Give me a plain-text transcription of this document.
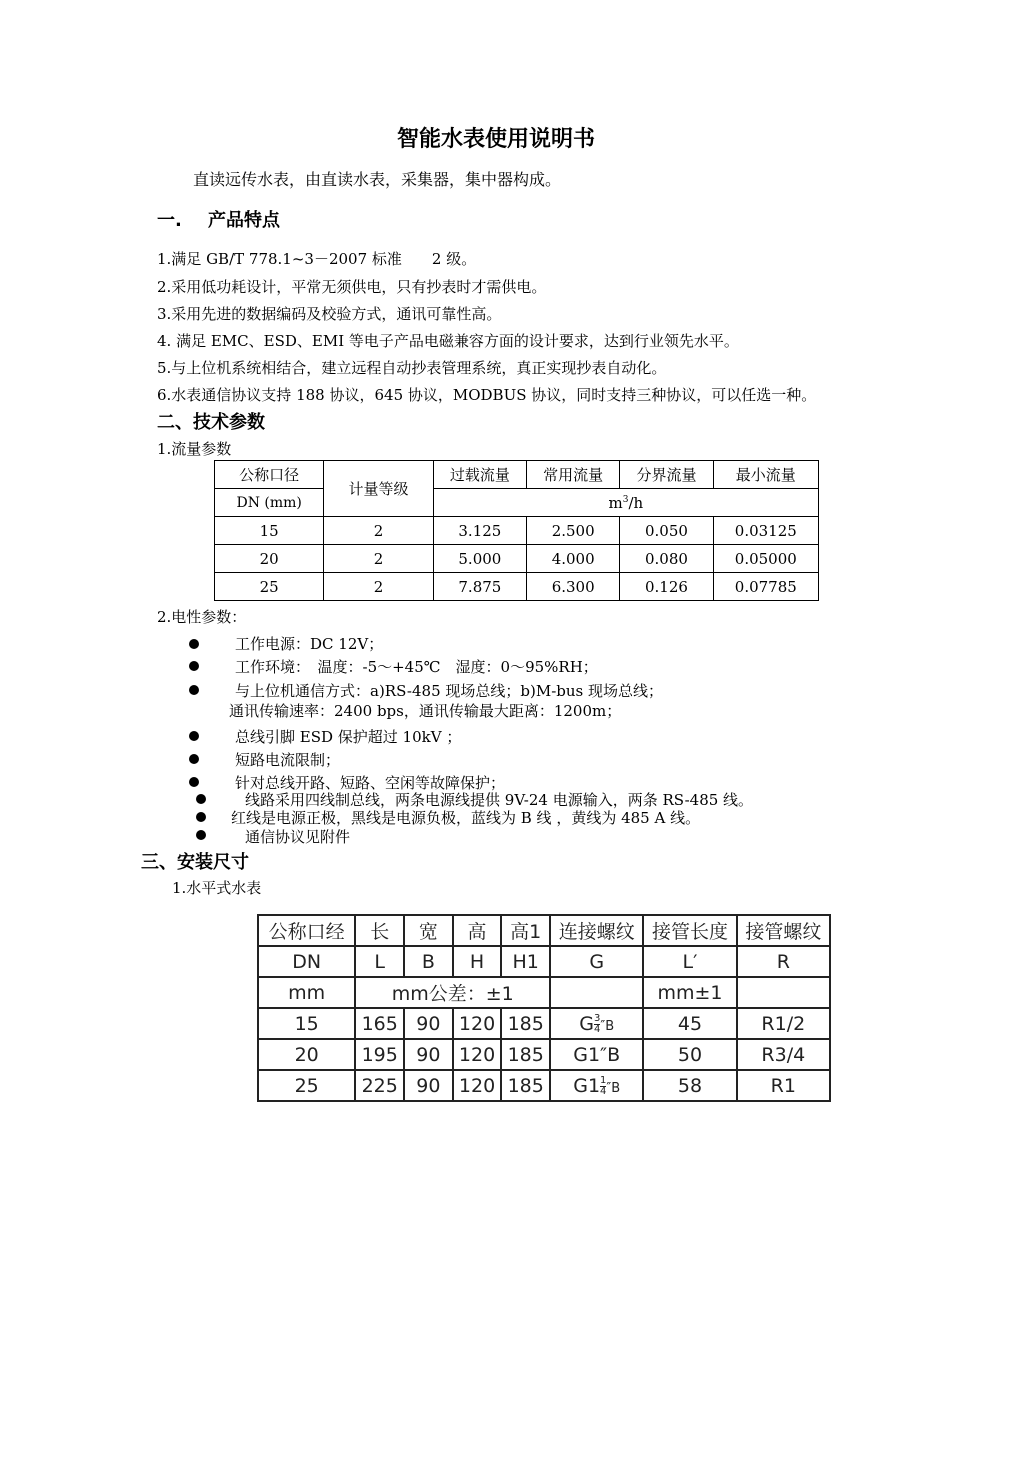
智能水表使用说明书
直读远传水表，由直读水表，采集器，集中器构成。
一. 产品特点
1.满足 GB/T 778.1~3－2007 标准　　2 级。
2.采用低功耗设计，平常无须供电，只有抄表时才需供电。
3.采用先进的数据编码及校验方式，通讯可靠性高。
4. 满足 EMC、ESD、EMI 等电子产品电磁兼容方面的设计要求，达到行业领先水平。
5.与上位机系统相结合，建立远程自动抄表管理系统，真正实现抄表自动化。
6.水表通信协议支持 188 协议，645 协议，MODBUS 协议，同时支持三种协议，可以任选一种。
二、技术参数
1.流量参数
公称口径	计量等级	过载流量	常用流量	分界流量	最小流量
DN (mm)		$m^3/h$			
15	2	3.125	2.500	0.050	0.03125
20	2	5.000	4.000	0.080	0.05000
25	2	7.875	6.300	0.126	0.07785
2.电性参数：
工作电源：DC 12V；
工作环境：　温度：-5～+45℃　湿度：0～95%RH；
与上位机通信方式：a)RS-485 现场总线；b)M-bus 现场总线；
通讯传输速率：2400 bps，通讯传输最大距离：1200m；
总线引脚 ESD 保护超过 10kV ；
短路电流限制；
针对总线开路、短路、空闲等故障保护；
线路采用四线制总线，两条电源线提供 9V-24 电源输入，两条 RS-485 线。
红线是电源正极，黑线是电源负极，蓝线为 B 线 ，黄线为 485 A 线。
通信协议见附件
三、安装尺寸
1.水平式水表
公称口经	长	宽	高	高1	连接螺纹	接管长度	接管螺纹
DN	L	B	H	H1	G	L′	R
mm	mm公差：±1					mm±1	
15	165	90	120	185	G $\frac{3}{4} ''B$	45	R1/2
20	195	90	120	185	G1″B	50	R3/4
25	225	90	120	185	$G1 \frac{1}{4} ''B$	58	R1
